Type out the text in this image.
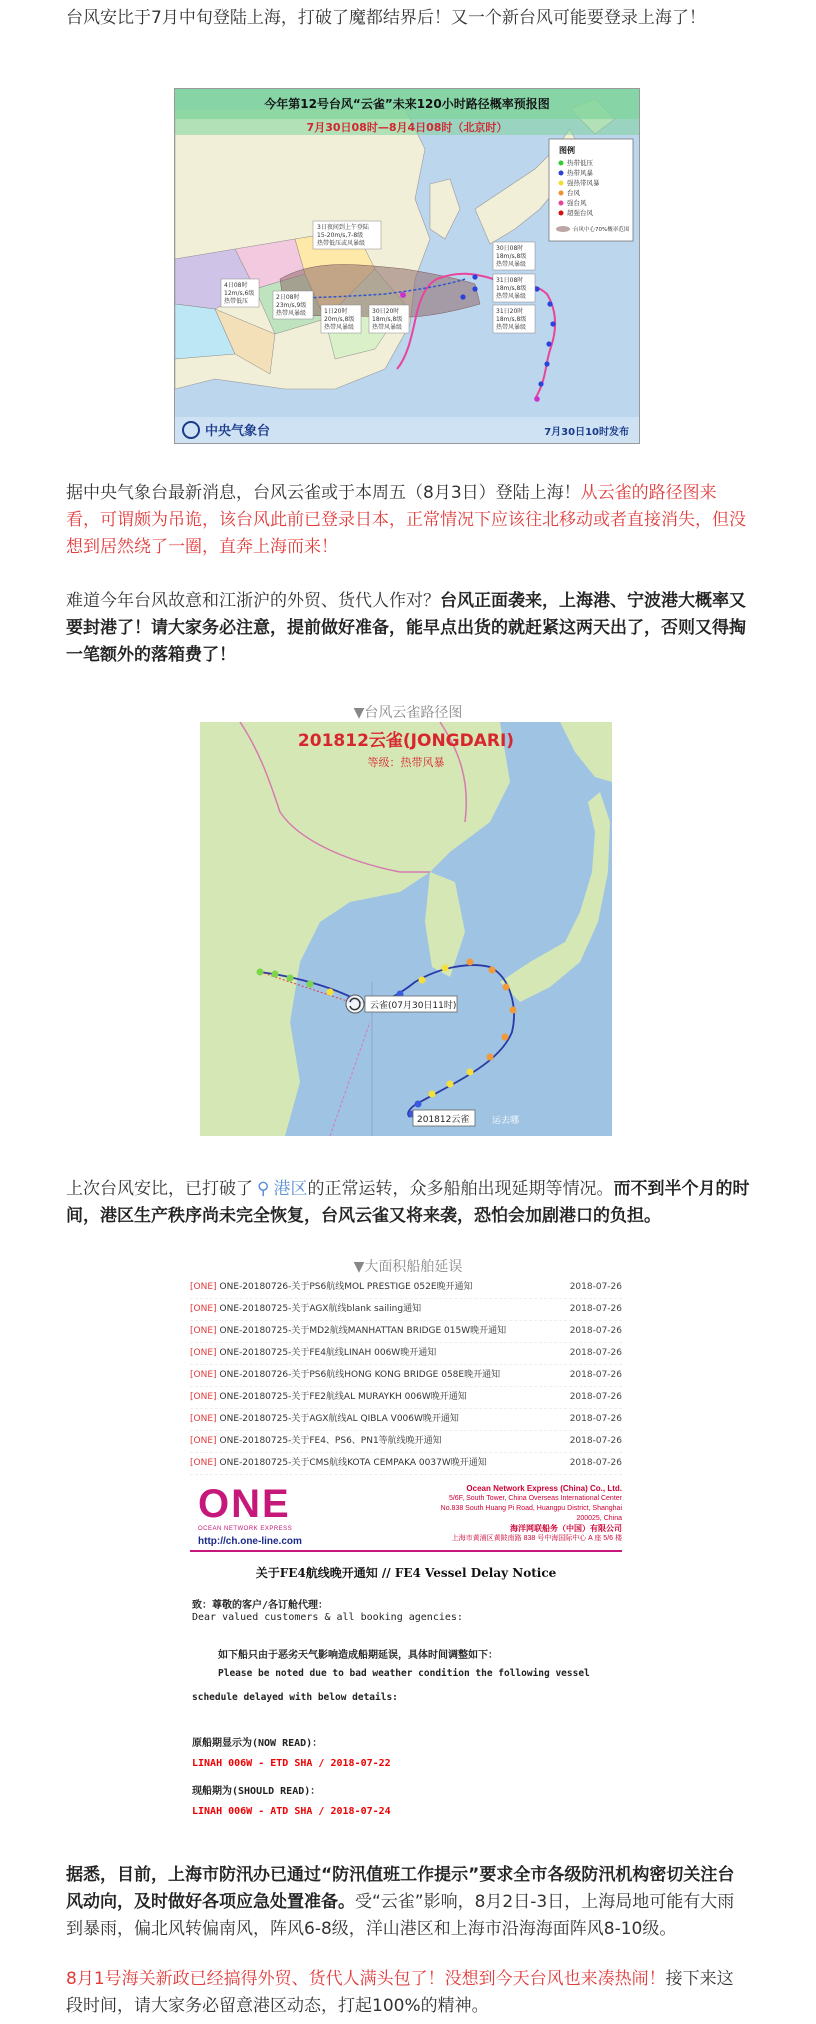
台风安比于7月中旬登陆上海，打破了魔都结界后！又一个新台风可能要登录上海了！

今年第12号台风“云雀”未来120小时路径概率预报图
7月30日08时—8月4日08时（北京时）
图例
热带低压
热带风暴
强热带风暴
台风
强台风
超强台风
台风中心70%概率范围
3日夜间到上午登陆
15-20m/s,7-8级
热带低压或风暴级
30日08时
18m/s,8级
热带风暴级
31日08时
18m/s,8级
热带风暴级
31日20时
18m/s,8级
热带风暴级
4日08时
12m/s,6级
热带低压
2日08时
23m/s,9级
热带风暴级	1日20时
20m/s,8级
热带风暴级
30日20时
18m/s,8级
热带风暴级
中央气象台	7月30日10时发布

据中央气象台最新消息，台风云雀或于本周五（8月3日）登陆上海！从云雀的路径图来看，可谓颇为吊诡，该台风此前已登录日本，正常情况下应该往北移动或者直接消失，但没想到居然绕了一圈，直奔上海而来！

难道今年台风故意和江浙沪的外贸、货代人作对？台风正面袭来，上海港、宁波港大概率又要封港了！请大家务必注意，提前做好准备，能早点出货的就赶紧这两天出了，否则又得掏一笔额外的落箱费了！

▼台风云雀路径图
云雀(07月30日11时)
201812云雀	运去哪
201812云雀(JONGDARI)
等级：热带风暴

上次台风安比，已打破了 ⚲ 港区的正常运转，众多船舶出现延期等情况。而不到半个月的时间，港区生产秩序尚未完全恢复，台风云雀又将来袭，恐怕会加剧港口的负担。

▼大面积船舶延误
[ONE] ONE-20180726-关于PS6航线MOL PRESTIGE 052E晚开通知	2018-07-26
[ONE] ONE-20180725-关于AGX航线blank sailing通知	2018-07-26
[ONE] ONE-20180725-关于MD2航线MANHATTAN BRIDGE 015W晚开通知	2018-07-26
[ONE] ONE-20180725-关于FE4航线LINAH 006W晚开通知	2018-07-26
[ONE] ONE-20180726-关于PS6航线HONG KONG BRIDGE 058E晚开通知	2018-07-26
[ONE] ONE-20180725-关于FE2航线AL MURAYKH 006W晚开通知	2018-07-26
[ONE] ONE-20180725-关于AGX航线AL QIBLA V006W晚开通知	2018-07-26
[ONE] ONE-20180725-关于FE4、PS6、PN1等航线晚开通知	2018-07-26
[ONE] ONE-20180725-关于CMS航线KOTA CEMPAKA 0037W晚开通知	2018-07-26
ONE
OCEAN NETWORK EXPRESS
http://ch.one-line.com
Ocean Network Express (China) Co., Ltd.
5/6F, South Tower, China Overseas International Center
No.838 South Huang Pi Road, Huangpu District, Shanghai
200025, China
海洋网联船务（中国）有限公司
上海市黄浦区黄陂南路 838 号中海国际中心 A 座 5/6 楼
关于FE4航线晚开通知 // FE4 Vessel Delay Notice
致：尊敬的客户/各订舱代理：
Dear valued customers & all booking agencies:
如下船只由于恶劣天气影响造成船期延误，具体时间调整如下：
Please be noted due to bad weather condition the following vessel
schedule delayed with below details:
原船期显示为(NOW READ)：
LINAH 006W - ETD SHA / 2018-07-22
现船期为(SHOULD READ)：
LINAH 006W - ATD SHA / 2018-07-24

据悉，目前，上海市防汛办已通过“防汛值班工作提示”要求全市各级防汛机构密切关注台风动向，及时做好各项应急处置准备。受“云雀”影响，8月2日-3日，上海局地可能有大雨到暴雨，偏北风转偏南风，阵风6-8级，洋山港区和上海市沿海海面阵风8-10级。

8月1号海关新政已经搞得外贸、货代人满头包了！没想到今天台风也来凑热闹！接下来这段时间，请大家务必留意港区动态，打起100%的精神。
